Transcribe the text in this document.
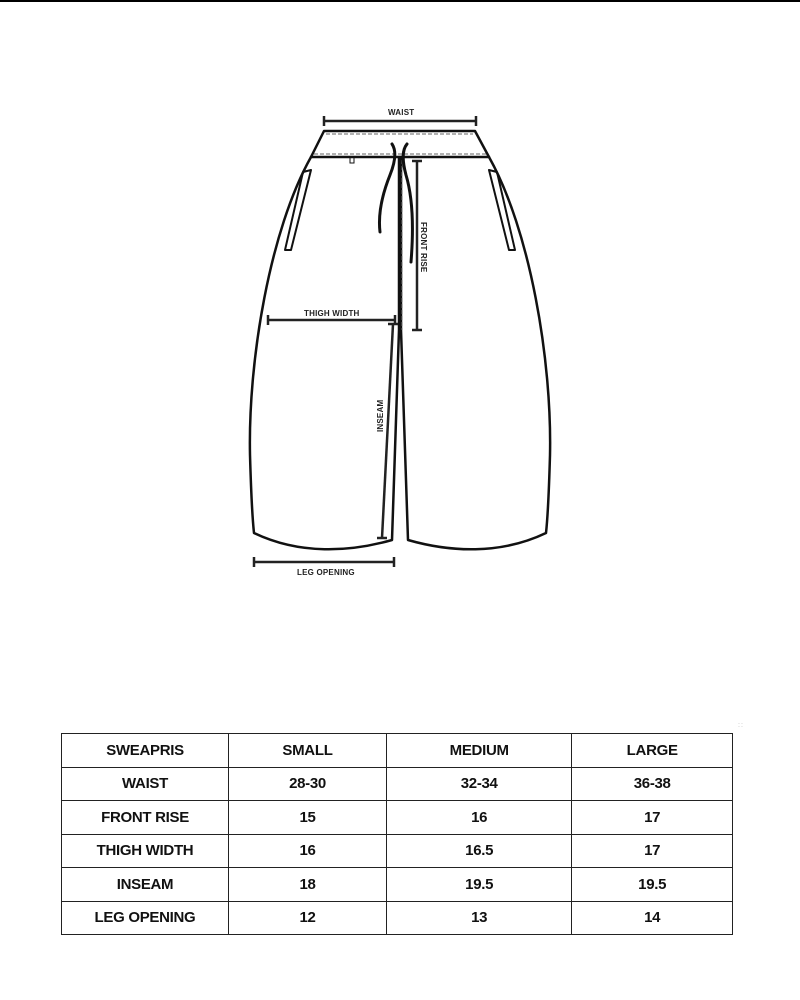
WAIST
FRONT RISE
THIGH WIDTH
INSEAM
LEG OPENING
::
SWEAPRIS	SMALL	MEDIUM	LARGE
WAIST	28-30	32-34	36-38
FRONT RISE	15	16	17
THIGH WIDTH	16	16.5	17
INSEAM	18	19.5	19.5
LEG OPENING	12	13	14
